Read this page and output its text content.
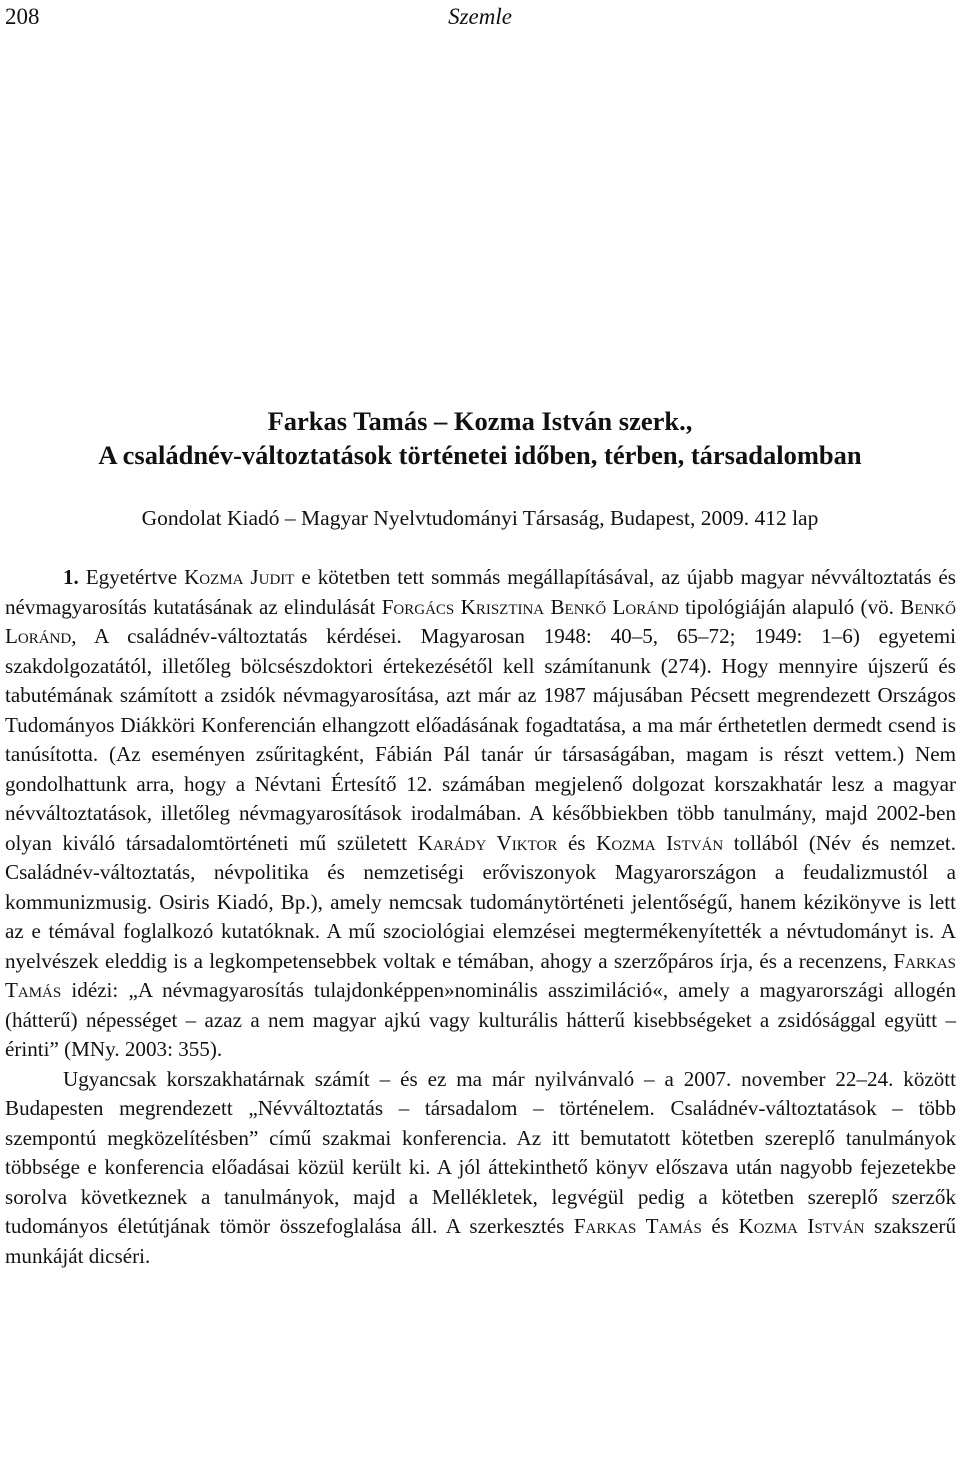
208	Szemle
Farkas Tamás – Kozma István szerk.,
A családnév-változtatások történetei időben, térben, társadalomban
Gondolat Kiadó – Magyar Nyelvtudományi Társaság, Budapest, 2009. 412 lap

1. Egyetértve Kozma Judit e kötetben tett sommás megállapításával, az újabb magyar névváltoztatás és névmagyarosítás kutatásának az elindulását Forgács Krisztina Benkő Loránd tipológiáján alapuló (vö. Benkő Loránd, A családnév-változtatás kérdései. Magyarosan 1948: 40–5, 65–72; 1949: 1–6) egyetemi szakdolgozatától, illetőleg bölcsészdoktori értekezésétől kell számítanunk (274). Hogy mennyire újszerű és tabutémának számított a zsidók névmagyarosítása, azt már az 1987 májusában Pécsett megrendezett Országos Tudományos Diákköri Konferencián elhangzott előadásának fogadtatása, a ma már érthetetlen dermedt csend is tanúsította. (Az eseményen zsűritagként, Fábián Pál tanár úr társaságában, magam is részt vettem.) Nem gondolhattunk arra, hogy a Névtani Értesítő 12. számában megjelenő dolgozat korszakhatár lesz a magyar névváltoztatások, illetőleg névmagyarosítások irodalmában. A későbbiekben több tanulmány, majd 2002-ben olyan kiváló társadalomtörténeti mű született Karády Viktor és Kozma István tollából (Név és nemzet. Családnév-változtatás, névpolitika és nemzetiségi erőviszonyok Magyarországon a feudalizmustól a kommunizmusig. Osiris Kiadó, Bp.), amely nemcsak tudománytörténeti jelentőségű, hanem kézikönyve is lett az e témával foglalkozó kutatóknak. A mű szociológiai elemzései megtermékenyítették a névtudományt is. A nyelvészek eleddig is a legkompetensebbek voltak e témában, ahogy a szerzőpáros írja, és a recenzens, Farkas Tamás idézi: „A névmagyarosítás tulajdonképpen»nominális asszimiláció«, amely a magyarországi allogén (hátterű) népességet – azaz a nem magyar ajkú vagy kulturális hátterű kisebbségeket a zsidósággal együtt – érinti” (MNy. 2003: 355).

Ugyancsak korszakhatárnak számít – és ez ma már nyilvánvaló – a 2007. november 22–24. között Budapesten megrendezett „Névváltoztatás – társadalom – történelem. Családnév-változtatások – több szempontú megközelítésben” című szakmai konferencia. Az itt bemutatott kötetben szereplő tanulmányok többsége e konferencia előadásai közül került ki. A jól áttekinthető könyv előszava után nagyobb fejezetekbe sorolva következnek a tanulmányok, majd a Mellékletek, legvégül pedig a kötetben szereplő szerzők tudományos életútjának tömör összefoglalása áll. A szerkesztés Farkas Tamás és Kozma István szakszerű munkáját dicséri.
